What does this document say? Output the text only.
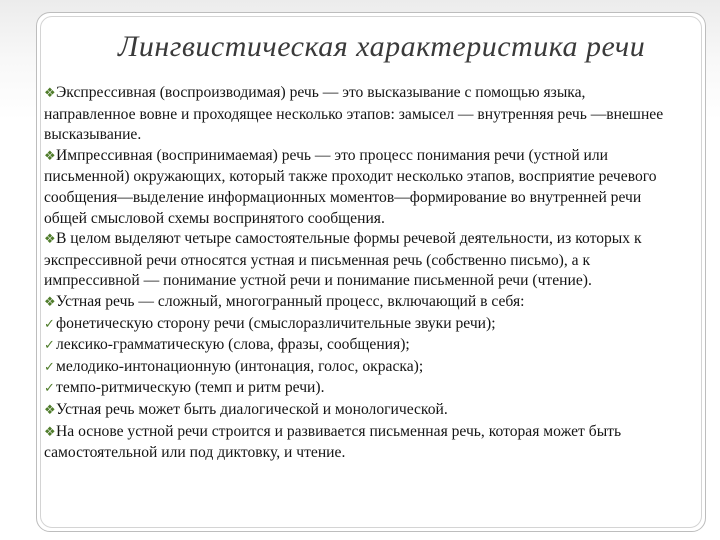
Лингвистическая характеристика речи

❖Экспрессивная (воспроизводимая) речь — это высказывание с помощью языка, направленное вовне и проходящее несколько этапов: замысел — внутренняя речь —внешнее высказывание.

❖Импрессивная (воспринимаемая) речь — это процесс понимания речи (устной или письменной) окружающих, который также проходит несколько этапов, восприятие речевого сообщения—выделение информационных моментов—формирование во внутренней речи общей смысловой схемы воспринятого сообщения.

❖В целом выделяют четыре самостоятельные формы речевой деятельности, из которых к экспрессивной речи относятся устная и письменная речь (собственно письмо), а к импрессивной — понимание устной речи и понимание письменной речи (чтение).

❖Устная речь — сложный, многогранный процесс, включающий в себя:

✓фонетическую сторону речи (смыслоразличительные звуки речи);

✓лексико-грамматическую (слова, фразы, сообщения);

✓мелодико-интонационную (интонация, голос, окраска);

✓темпо-ритмическую (темп и ритм речи).

❖Устная речь может быть диалогической и монологической.

❖На основе устной речи строится и развивается письменная речь, которая может быть самостоятельной или под диктовку, и чтение.
